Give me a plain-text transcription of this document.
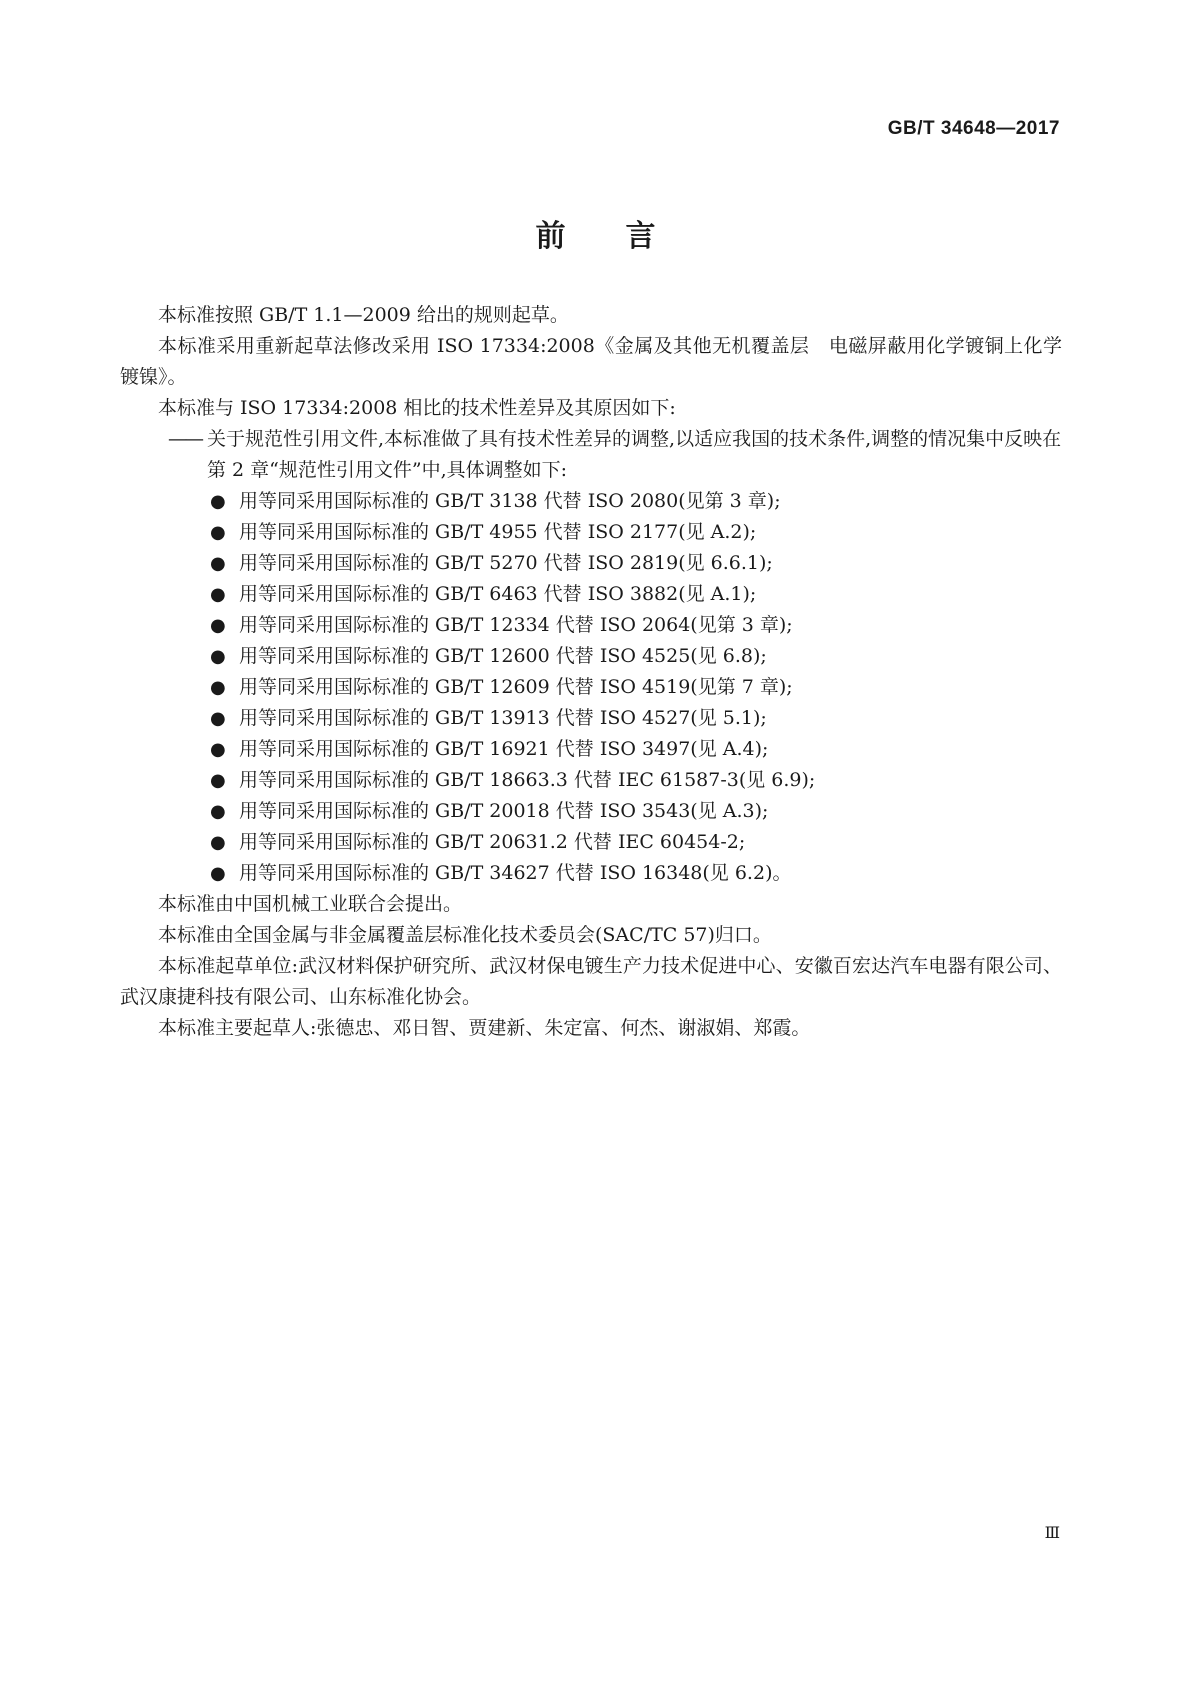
GB/T 34648—2017
前言

本标准按照 GB/T 1.1—2009 给出的规则起草。

本标准采用重新起草法修改采用 ISO 17334:2008《金属及其他无机覆盖层　电磁屏蔽用化学镀铜上化学镀镍》。

本标准与 ISO 17334:2008 相比的技术性差异及其原因如下:

—— 关于规范性引用文件,本标准做了具有技术性差异的调整,以适应我国的技术条件,调整的情况集中反映在第 2 章“规范性引用文件”中,具体调整如下:
● 用等同采用国际标准的 GB/T 3138 代替 ISO 2080(见第 3 章);
● 用等同采用国际标准的 GB/T 4955 代替 ISO 2177(见 A.2);
● 用等同采用国际标准的 GB/T 5270 代替 ISO 2819(见 6.6.1);
● 用等同采用国际标准的 GB/T 6463 代替 ISO 3882(见 A.1);
● 用等同采用国际标准的 GB/T 12334 代替 ISO 2064(见第 3 章);
● 用等同采用国际标准的 GB/T 12600 代替 ISO 4525(见 6.8);
● 用等同采用国际标准的 GB/T 12609 代替 ISO 4519(见第 7 章);
● 用等同采用国际标准的 GB/T 13913 代替 ISO 4527(见 5.1);
● 用等同采用国际标准的 GB/T 16921 代替 ISO 3497(见 A.4);
● 用等同采用国际标准的 GB/T 18663.3 代替 IEC 61587-3(见 6.9);
● 用等同采用国际标准的 GB/T 20018 代替 ISO 3543(见 A.3);
● 用等同采用国际标准的 GB/T 20631.2 代替 IEC 60454-2;
● 用等同采用国际标准的 GB/T 34627 代替 ISO 16348(见 6.2)。

本标准由中国机械工业联合会提出。

本标准由全国金属与非金属覆盖层标准化技术委员会(SAC/TC 57)归口。

本标准起草单位:武汉材料保护研究所、武汉材保电镀生产力技术促进中心、安徽百宏达汽车电器有限公司、武汉康捷科技有限公司、山东标准化协会。

本标准主要起草人:张德忠、邓日智、贾建新、朱定富、何杰、谢淑娟、郑霞。

Ⅲ
